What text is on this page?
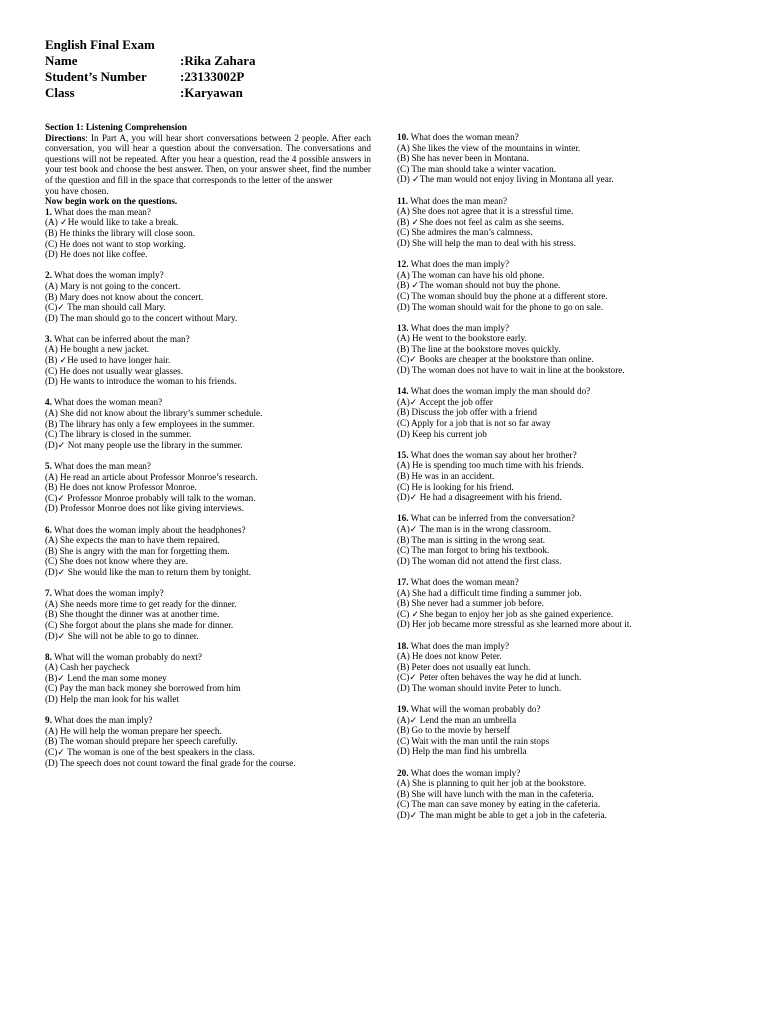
English Final Exam
Name	:Rika Zahara
Student’s Number	:23133002P
Class	:Karyawan
Section 1: Listening Comprehension
Directions: In Part A, you will hear short conversations between 2 people. After each conversation, you will hear a question about the conversation. The conversations and questions will not be repeated. After you hear a question, read the 4 possible answers in your test book and choose the best answer. Then, on your answer sheet, find the number of the question and fill in the space that corresponds to the letter of the answer
you have chosen.
Now begin work on the questions.
1. What does the man mean?
(A) ✓He would like to take a break.
(B) He thinks the library will close soon.
(C) He does not want to stop working.
(D) He does not like coffee.
2. What does the woman imply?
(A) Mary is not going to the concert.
(B) Mary does not know about the concert.
(C)✓ The man should call Mary.
(D) The man should go to the concert without Mary.
3. What can be inferred about the man?
(A) He bought a new jacket.
(B) ✓He used to have longer hair.
(C) He does not usually wear glasses.
(D) He wants to introduce the woman to his friends.
4. What does the woman mean?
(A) She did not know about the library’s summer schedule.
(B) The library has only a few employees in the summer.
(C) The library is closed in the summer.
(D)✓ Not many people use the library in the summer.
5. What does the man mean?
(A) He read an article about Professor Monroe’s research.
(B) He does not know Professor Monroe.
(C)✓ Professor Monroe probably will talk to the woman.
(D) Professor Monroe does not like giving interviews.
6. What does the woman imply about the headphones?
(A) She expects the man to have them repaired.
(B) She is angry with the man for forgetting them.
(C) She does not know where they are.
(D)✓ She would like the man to return them by tonight.
7. What does the woman imply?
(A) She needs more time to get ready for the dinner.
(B) She thought the dinner was at another time.
(C) She forgot about the plans she made for dinner.
(D)✓ She will not be able to go to dinner.
8. What will the woman probably do next?
(A) Cash her paycheck
(B)✓ Lend the man some money
(C) Pay the man back money she borrowed from him
(D) Help the man look for his wallet
9. What does the man imply?
(A) He will help the woman prepare her speech.
(B) The woman should prepare her speech carefully.
(C)✓ The woman is one of the best speakers in the class.
(D) The speech does not count toward the final grade for the course.
10. What does the woman mean?
(A) She likes the view of the mountains in winter.
(B) She has never been in Montana.
(C) The man should take a winter vacation.
(D) ✓The man would not enjoy living in Montana all year.
11. What does the man mean?
(A) She does not agree that it is a stressful time.
(B) ✓She does not feel as calm as she seems.
(C) She admires the man’s calmness.
(D) She will help the man to deal with his stress.
12. What does the man imply?
(A) The woman can have his old phone.
(B) ✓The woman should not buy the phone.
(C) The woman should buy the phone at a different store.
(D) The woman should wait for the phone to go on sale.
13. What does the man imply?
(A) He went to the bookstore early.
(B) The line at the bookstore moves quickly.
(C)✓ Books are cheaper at the bookstore than online.
(D) The woman does not have to wait in line at the bookstore.
14. What does the woman imply the man should do?
(A)✓ Accept the job offer
(B) Discuss the job offer with a friend
(C) Apply for a job that is not so far away
(D) Keep his current job
15. What does the woman say about her brother?
(A) He is spending too much time with his friends.
(B) He was in an accident.
(C) He is looking for his friend.
(D)✓ He had a disagreement with his friend.
16. What can be inferred from the conversation?
(A)✓ The man is in the wrong classroom.
(B) The man is sitting in the wrong seat.
(C) The man forgot to bring his textbook.
(D) The woman did not attend the first class.
17. What does the woman mean?
(A) She had a difficult time finding a summer job.
(B) She never had a summer job before.
(C) ✓She began to enjoy her job as she gained experience.
(D) Her job became more stressful as she learned more about it.
18. What does the man imply?
(A) He does not know Peter.
(B) Peter does not usually eat lunch.
(C)✓ Peter often behaves the way he did at lunch.
(D) The woman should invite Peter to lunch.
19. What will the woman probably do?
(A)✓ Lend the man an umbrella
(B) Go to the movie by herself
(C) Wait with the man until the rain stops
(D) Help the man find his umbrella
20. What does the woman imply?
(A) She is planning to quit her job at the bookstore.
(B) She will have lunch with the man in the cafeteria.
(C) The man can save money by eating in the cafeteria.
(D)✓ The man might be able to get a job in the cafeteria.
